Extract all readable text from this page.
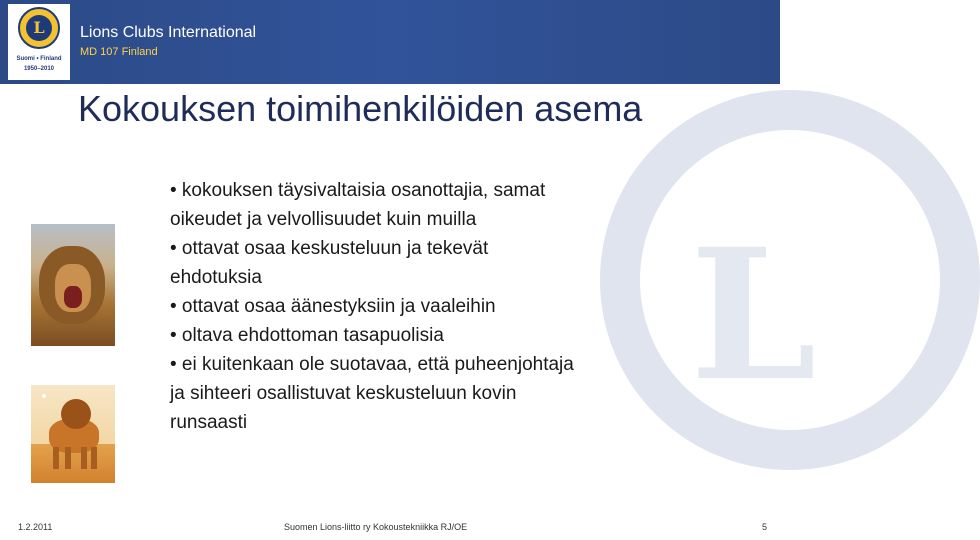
L
L
Suomi • Finland
1950–2010
Lions Clubs International
MD 107 Finland
Kokouksen toimihenkilöiden asema
• kokouksen täysivaltaisia osanottajia, samat
oikeudet ja velvollisuudet kuin muilla
• ottavat osaa keskusteluun ja tekevät
ehdotuksia
• ottavat osaa äänestyksiin ja vaaleihin
• oltava ehdottoman tasapuolisia
• ei kuitenkaan ole suotavaa, että puheenjohtaja
ja sihteeri osallistuvat keskusteluun kovin
runsaasti
1.2.2011	Suomen Lions-liitto ry Kokoustekniikka RJ/OE	5
